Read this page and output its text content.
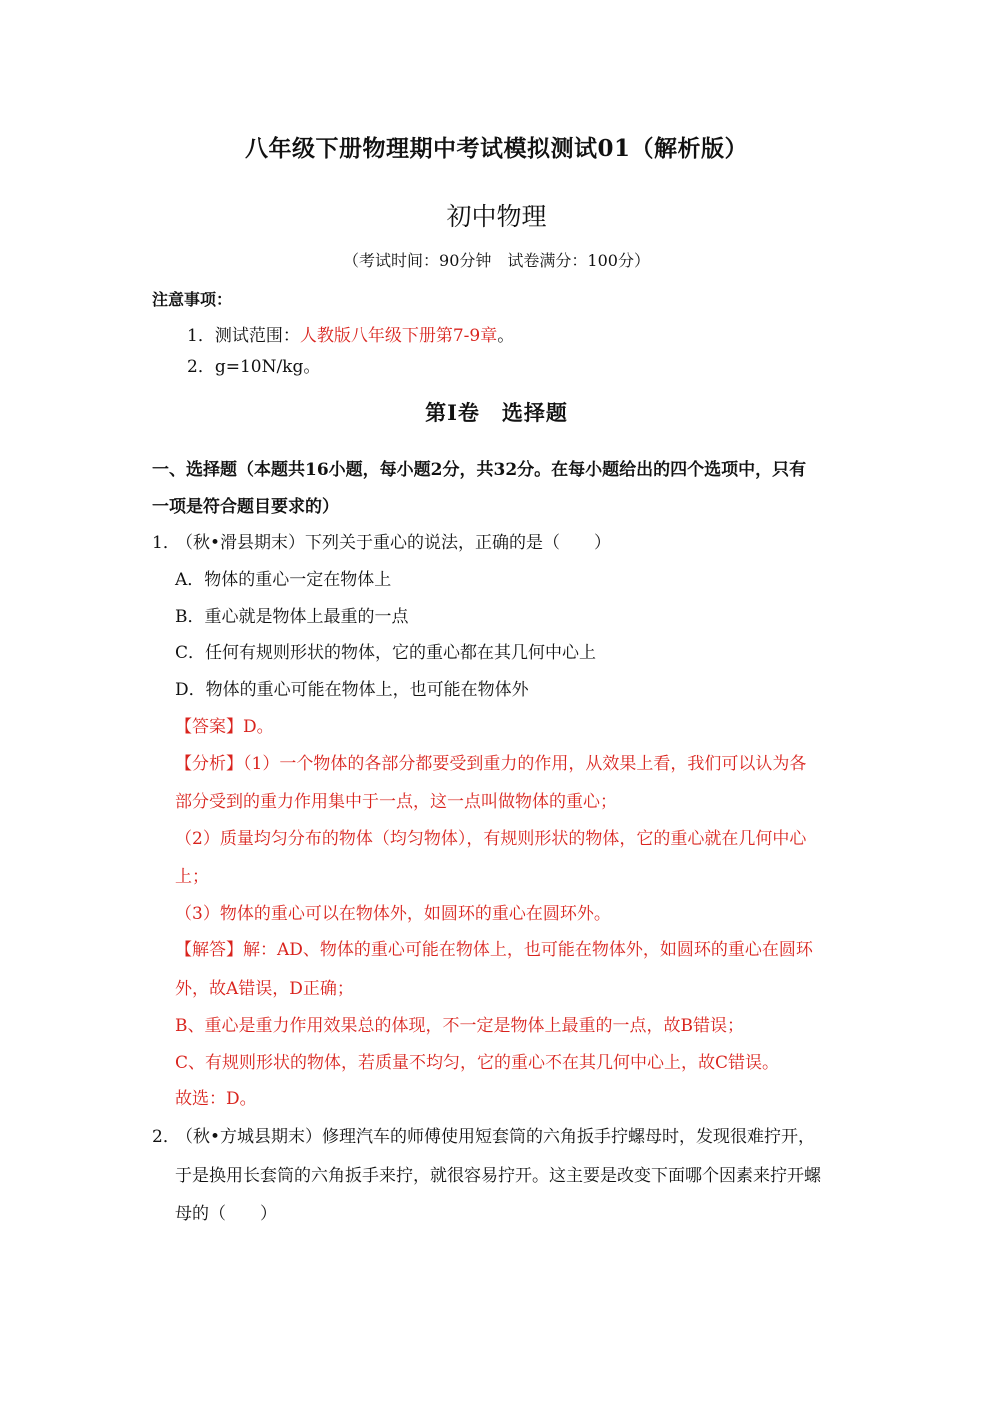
八年级下册物理期中考试模拟测试01（解析版）
初中物理
（考试时间：90分钟　试卷满分：100分）
注意事项：
1．测试范围：人教版八年级下册第7-9章。
2．g=10N/kg。
第Ⅰ卷　选择题
一、选择题（本题共16小题，每小题2分，共32分。在每小题给出的四个选项中，只有
一项是符合题目要求的）
1．（秋•滑县期末）下列关于重心的说法，正确的是（　　）
A．物体的重心一定在物体上
B．重心就是物体上最重的一点
C．任何有规则形状的物体，它的重心都在其几何中心上
D．物体的重心可能在物体上，也可能在物体外
【答案】D。
【分析】（1）一个物体的各部分都要受到重力的作用，从效果上看，我们可以认为各
部分受到的重力作用集中于一点，这一点叫做物体的重心；
（2）质量均匀分布的物体（均匀物体），有规则形状的物体，它的重心就在几何中心
上；
（3）物体的重心可以在物体外，如圆环的重心在圆环外。
【解答】解：AD、物体的重心可能在物体上，也可能在物体外，如圆环的重心在圆环
外，故A错误，D正确；
B、重心是重力作用效果总的体现，不一定是物体上最重的一点，故B错误；
C、有规则形状的物体，若质量不均匀，它的重心不在其几何中心上，故C错误。
故选：D。
2．（秋•方城县期末）修理汽车的师傅使用短套筒的六角扳手拧螺母时，发现很难拧开，
于是换用长套筒的六角扳手来拧，就很容易拧开。这主要是改变下面哪个因素来拧开螺
母的（　　）
